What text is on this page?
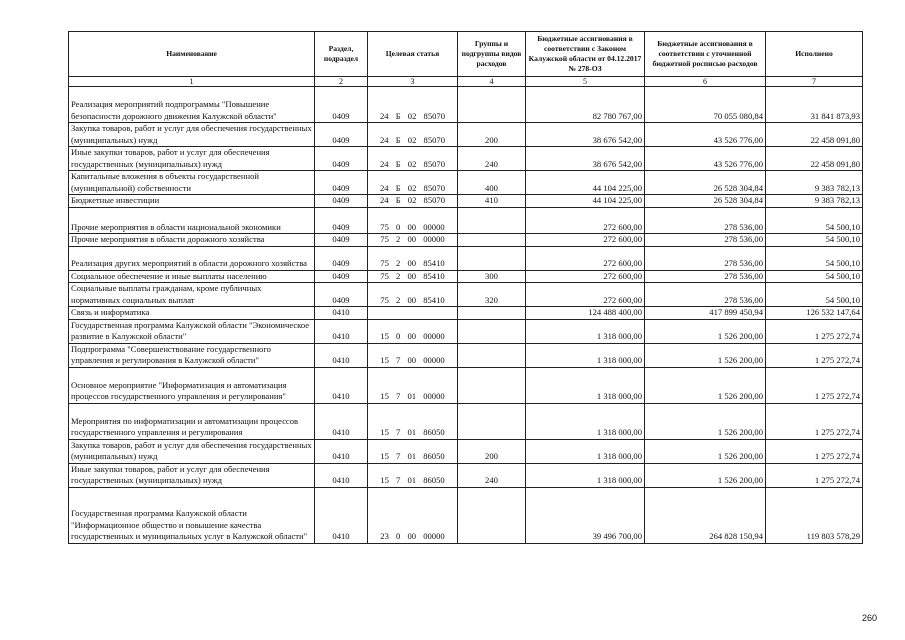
Наименование	Раздел, подраздел	Целевая статья	Группы и подгруппы видов расходов	Бюджетные ассигнования в соответствии с Законом Калужской области от 04.12.2017 № 278-ОЗ	Бюджетные ассигнования в соответствии с уточненной бюджетной росписью расходов	Исполнено
1	2	3	4	5	6	7
Реализация мероприятий подпрограммы "Повышение безопасности дорожного движения Калужской области"	0409	24 Б 02 85070		82 780 767,00	70 055 080,84	31 841 873,93
Закупка товаров, работ и услуг для обеспечения государственных (муниципальных) нужд	0409	24 Б 02 85070	200	38 676 542,00	43 526 776,00	22 458 091,80
Иные закупки товаров, работ и услуг для обеспечения государственных (муниципальных) нужд	0409	24 Б 02 85070	240	38 676 542,00	43 526 776,00	22 458 091,80
Капитальные вложения в объекты государственной (муниципальной) собственности	0409	24 Б 02 85070	400	44 104 225,00	26 528 304,84	9 383 782,13
Бюджетные инвестиции	0409	24 Б 02 85070	410	44 104 225,00	26 528 304,84	9 383 782,13
Прочие мероприятия в области национальной экономики	0409	75 0 00 00000		272 600,00	278 536,00	54 500,10
Прочие мероприятия в области дорожного хозяйства	0409	75 2 00 00000		272 600,00	278 536,00	54 500,10
Реализация других мероприятий в области дорожного хозяйства	0409	75 2 00 85410		272 600,00	278 536,00	54 500,10
Социальное обеспечение и иные выплаты населению	0409	75 2 00 85410	300	272 600,00	278 536,00	54 500,10
Социальные выплаты гражданам, кроме публичных нормативных социальных выплат	0409	75 2 00 85410	320	272 600,00	278 536,00	54 500,10
Связь и информатика	0410			124 488 400,00	417 899 450,94	126 532 147,64
Государственная программа Калужской области "Экономическое развитие в Калужской области"	0410	15 0 00 00000		1 318 000,00	1 526 200,00	1 275 272,74
Подпрограмма "Совершенствование государственного управления и регулирования в Калужской области"	0410	15 7 00 00000		1 318 000,00	1 526 200,00	1 275 272,74
Основное мероприятие "Информатизация и автоматизация процессов государственного управления и регулирования"	0410	15 7 01 00000		1 318 000,00	1 526 200,00	1 275 272,74
Мероприятия по информатизации и автоматизации процессов государственного управления и регулирования	0410	15 7 01 86050		1 318 000,00	1 526 200,00	1 275 272,74
Закупка товаров, работ и услуг для обеспечения государственных (муниципальных) нужд	0410	15 7 01 86050	200	1 318 000,00	1 526 200,00	1 275 272,74
Иные закупки товаров, работ и услуг для обеспечения государственных (муниципальных) нужд	0410	15 7 01 86050	240	1 318 000,00	1 526 200,00	1 275 272,74
Государственная программа Калужской области "Информационное общество и повышение качества государственных и муниципальных услуг в Калужской области"	0410	23 0 00 00000		39 496 700,00	264 828 150,94	119 803 578,29
260
